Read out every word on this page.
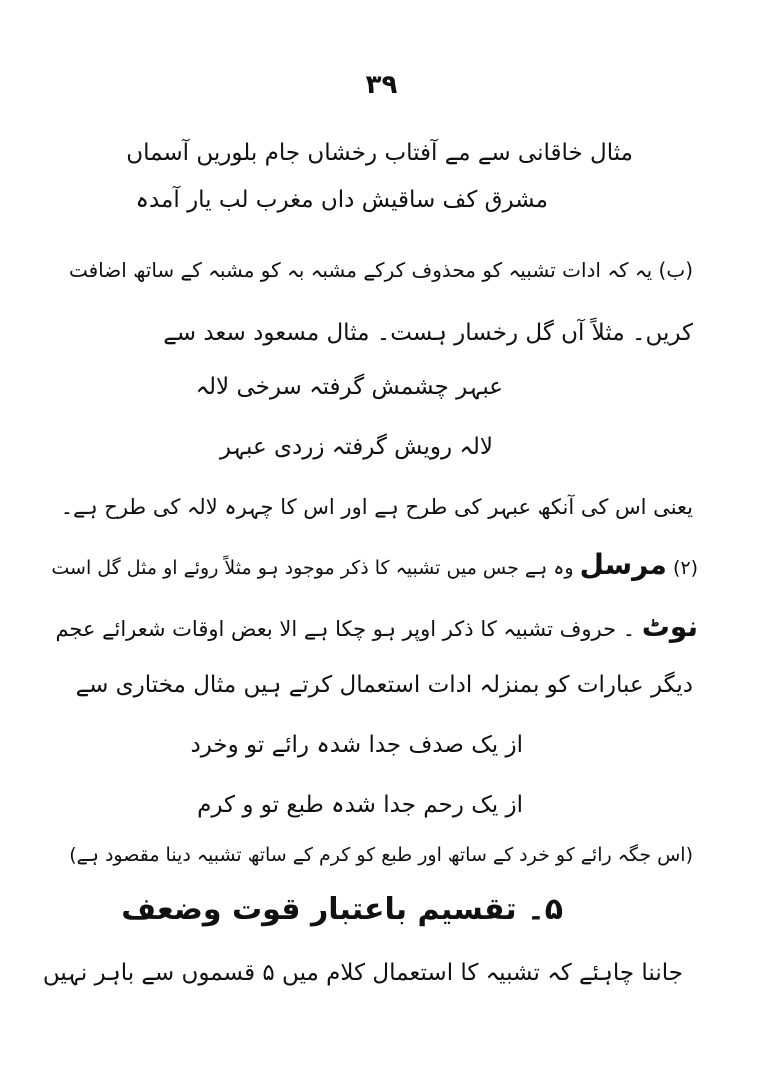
٣٩
مثال خاقانی سے مے آفتاب رخشاں جام بلوریں آسماں
مشرق کف ساقیش داں مغرب لب یار آمدہ
(ب) یہ کہ ادات تشبیہ کو محذوف کرکے مشبہ بہ کو مشبہ کے ساتھ اضافت
کریں۔ مثلاً آں گل رخسار ہست۔ مثال مسعود سعد سے
عبہر چشمش گرفتہ سرخی لالہ
لالہ رویش گرفتہ زردی عبہر
یعنی اس کی آنکھ عبہر کی طرح ہے اور اس کا چہرہ لالہ کی طرح ہے۔
(۲) مرسل وہ ہے جس میں تشبیہ کا ذکر موجود ہو مثلاً روئے او مثل گل است
نوٹ ۔ حروف تشبیہ کا ذکر اوپر ہو چکا ہے الا بعض اوقات شعرائے عجم
دیگر عبارات کو بمنزلہ ادات استعمال کرتے ہیں مثال مختاری سے
از یک صدف جدا شدہ رائے تو وخرد
از یک رحم جدا شدہ طبع تو و کرم
(اس جگہ رائے کو خرد کے ساتھ اور طبع کو کرم کے ساتھ تشبیہ دینا مقصود ہے)
۵۔ تقسیم باعتبار قوت وضعف
جاننا چاہئے کہ تشبیہ کا استعمال کلام میں ۵ قسموں سے باہر نہیں
